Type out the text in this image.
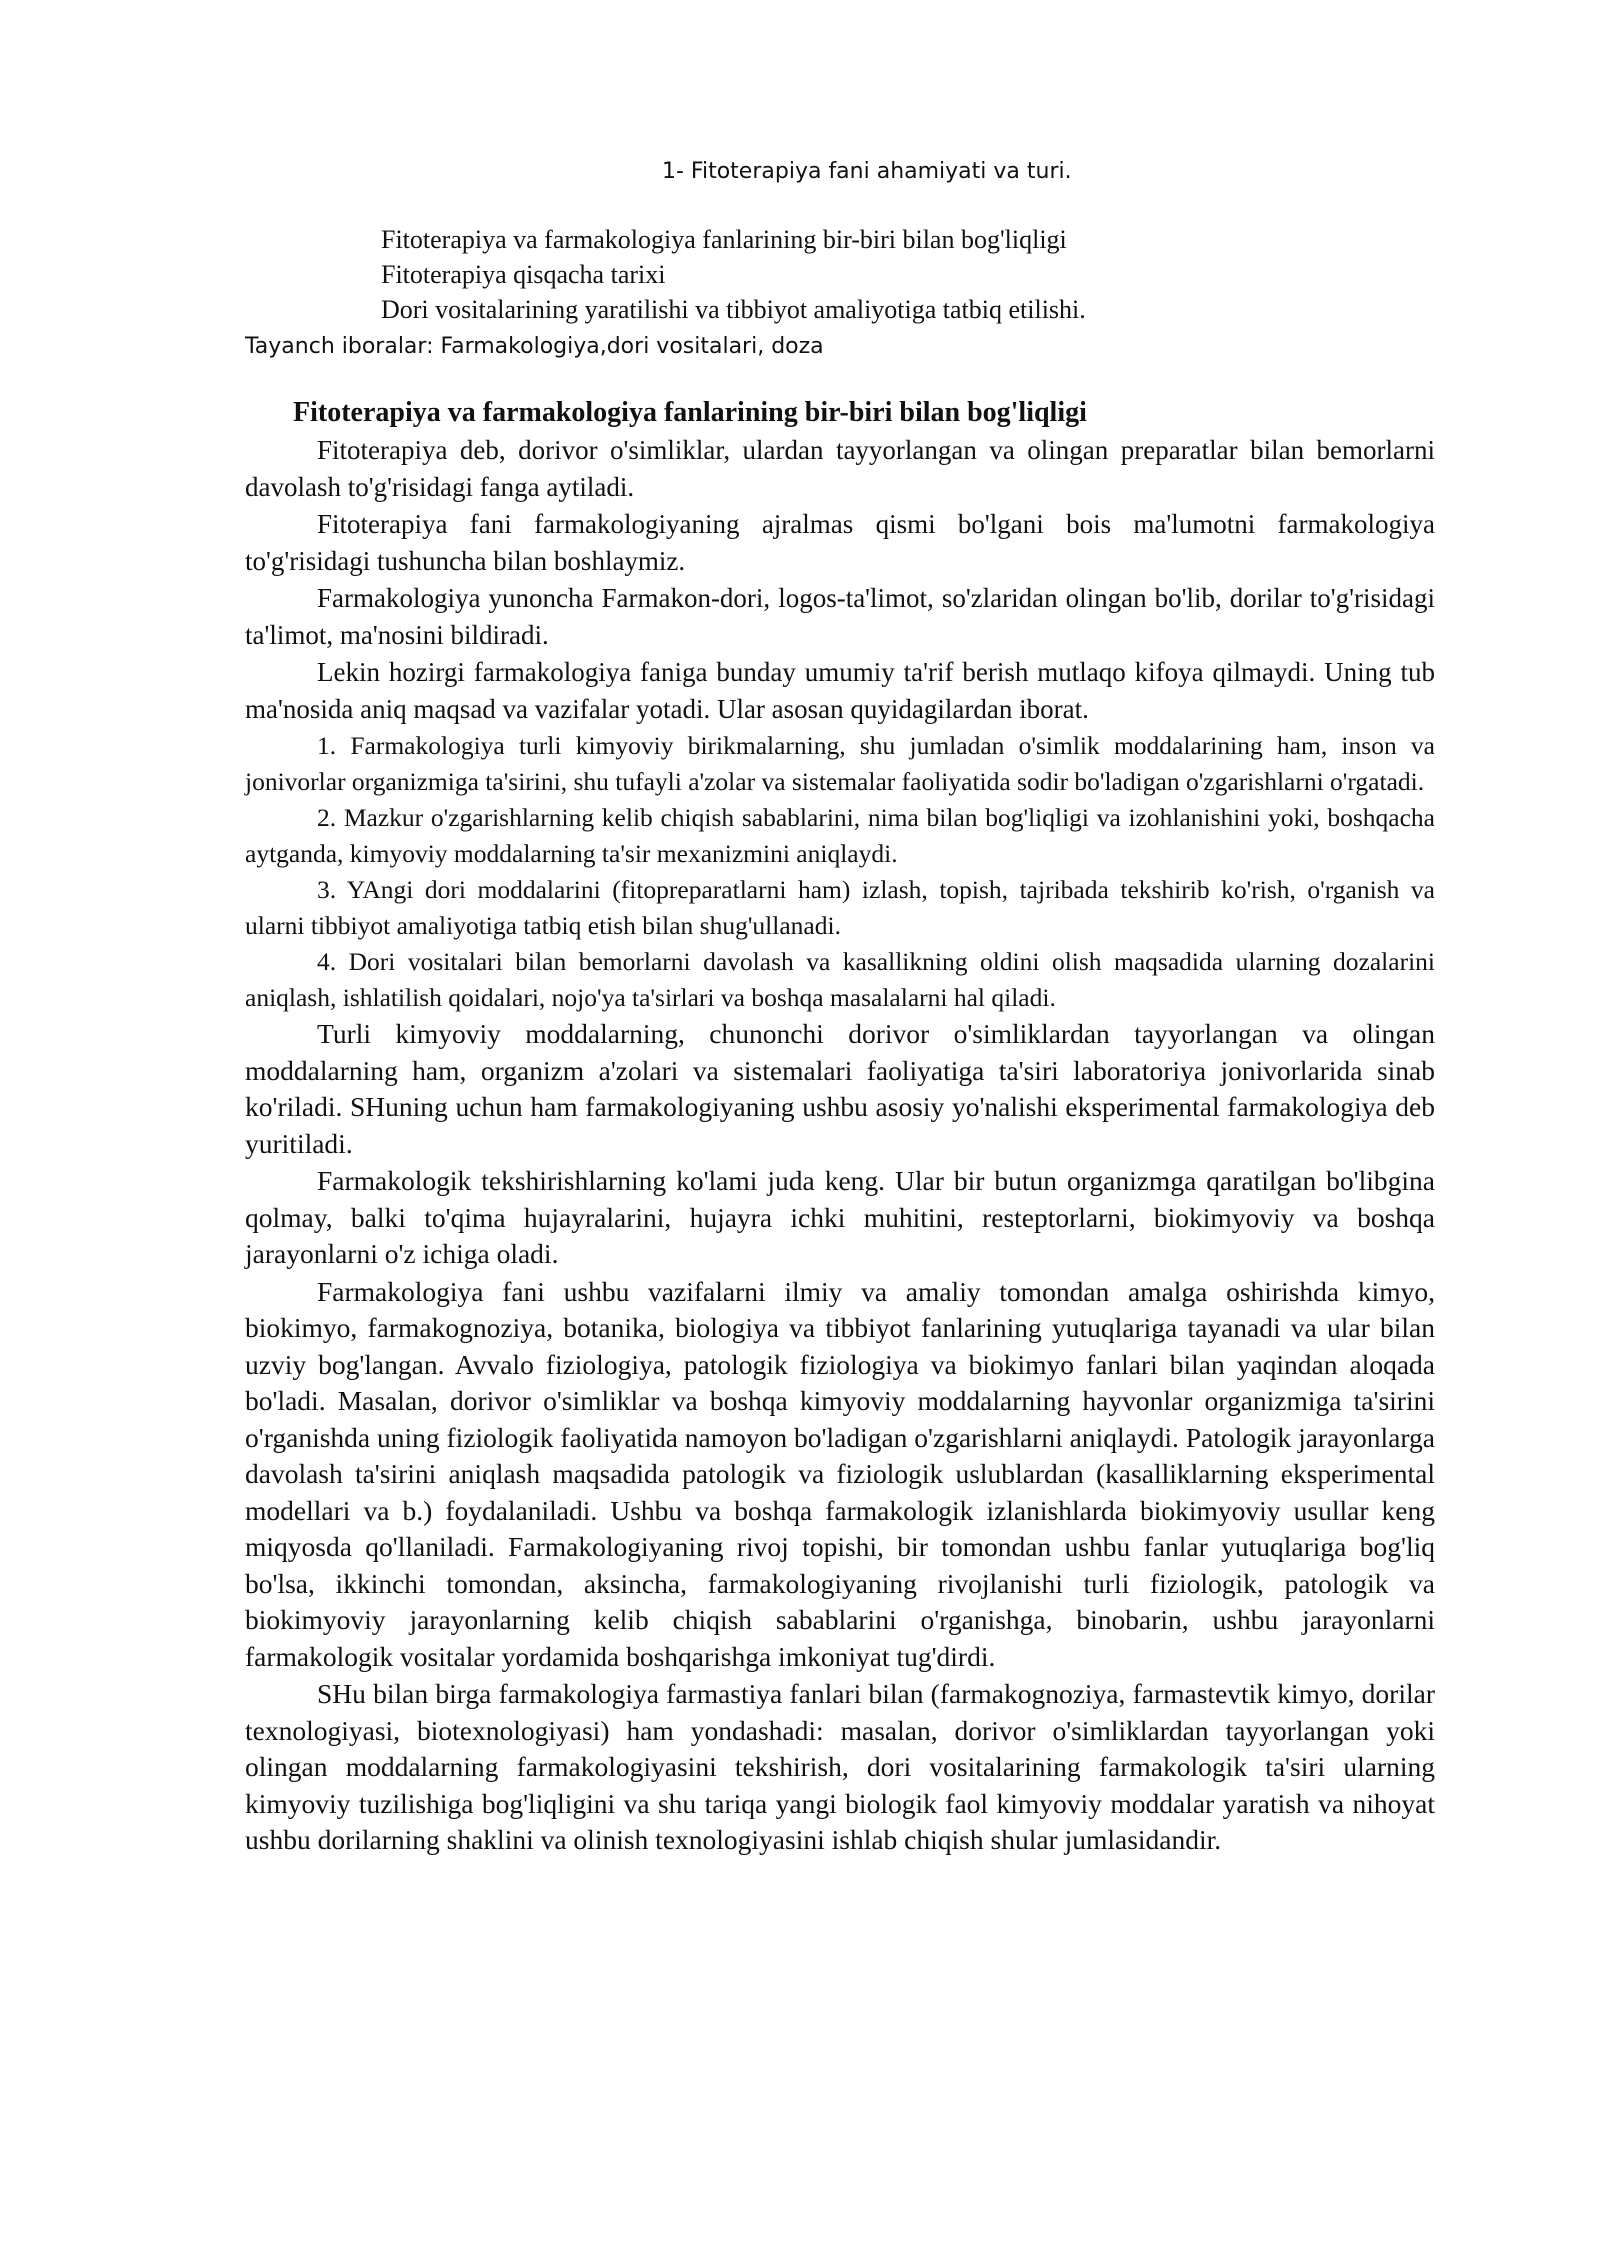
1- Fitoterapiya fani ahamiyati va turi.
Fitoterapiya va farmakologiya fanlarining bir-biri bilan bog'liqligi
Fitoterapiya qisqacha tarixi
Dori vositalarining yaratilishi va tibbiyot amaliyotiga tatbiq etilishi.
Tayanch iboralar: Farmakologiya,dori vositalari, doza
Fitoterapiya va farmakologiya fanlarining bir-biri bilan bog'liqligi

Fitoterapiya deb, dorivor o'simliklar, ulardan tayyorlangan va olingan preparatlar bilan bemorlarni davolash to'g'risidagi fanga aytiladi.

Fitoterapiya fani farmakologiyaning ajralmas qismi bo'lgani bois ma'lumotni farmakologiya to'g'risidagi tushuncha bilan boshlaymiz.

Farmakologiya yunoncha Farmakon-dori, logos-ta'limot, so'zlaridan olingan bo'lib, dorilar to'g'risidagi ta'limot, ma'nosini bildiradi.

Lekin hozirgi farmakologiya faniga bunday umumiy ta'rif berish mutlaqo kifoya qilmaydi. Uning tub ma'nosida aniq maqsad va vazifalar yotadi. Ular asosan quyidagilardan iborat.

1. Farmakologiya turli kimyoviy birikmalarning, shu jumladan o'simlik moddalarining ham, inson va jonivorlar organizmiga ta'sirini, shu tufayli a'zolar va sistemalar faoliyatida sodir bo'ladigan o'zgarishlarni o'rgatadi.

2. Mazkur o'zgarishlarning kelib chiqish sabablarini, nima bilan bog'liqligi va izohlanishini yoki, boshqacha aytganda, kimyoviy moddalarning ta'sir mexanizmini aniqlaydi.

3. YAngi dori moddalarini (fitopreparatlarni ham) izlash, topish, tajribada tekshirib ko'rish, o'rganish va ularni tibbiyot amaliyotiga tatbiq etish bilan shug'ullanadi.

4. Dori vositalari bilan bemorlarni davolash va kasallikning oldini olish maqsadida ularning dozalarini aniqlash, ishlatilish qoidalari, nojo'ya ta'sirlari va boshqa masalalarni hal qiladi.

Turli kimyoviy moddalarning, chunonchi dorivor o'simliklardan tayyorlangan va olingan moddalarning ham, organizm a'zolari va sistemalari faoliyatiga ta'siri laboratoriya jonivorlarida sinab ko'riladi. SHuning uchun ham farmakologiyaning ushbu asosiy yo'nalishi eksperimental farmakologiya deb yuritiladi.

Farmakologik tekshirishlarning ko'lami juda keng. Ular bir butun organizmga qaratilgan bo'libgina qolmay, balki to'qima hujayralarini, hujayra ichki muhitini, resteptorlarni, biokimyoviy va boshqa jarayonlarni o'z ichiga oladi.

Farmakologiya fani ushbu vazifalarni ilmiy va amaliy tomondan amalga oshirishda kimyo, biokimyo, farmakognoziya, botanika, biologiya va tibbiyot fanlarining yutuqlariga tayanadi va ular bilan uzviy bog'langan. Avvalo fiziologiya, patologik fiziologiya va biokimyo fanlari bilan yaqindan aloqada bo'ladi. Masalan, dorivor o'simliklar va boshqa kimyoviy moddalarning hayvonlar organizmiga ta'sirini o'rganishda uning fiziologik faoliyatida namoyon bo'ladigan o'zgarishlarni aniqlaydi. Patologik jarayonlarga davolash ta'sirini aniqlash maqsadida patologik va fiziologik uslublardan (kasalliklarning eksperimental modellari va b.) foydalaniladi. Ushbu va boshqa farmakologik izlanishlarda biokimyoviy usullar keng miqyosda qo'llaniladi. Farmakologiyaning rivoj topishi, bir tomondan ushbu fanlar yutuqlariga bog'liq bo'lsa, ikkinchi tomondan, aksincha, farmakologiyaning rivojlanishi turli fiziologik, patologik va biokimyoviy jarayonlarning kelib chiqish sabablarini o'rganishga, binobarin, ushbu jarayonlarni farmakologik vositalar yordamida boshqarishga imkoniyat tug'dirdi.

SHu bilan birga farmakologiya farmastiya fanlari bilan (farmakognoziya, farmastevtik kimyo, dorilar texnologiyasi, biotexnologiyasi) ham yondashadi: masalan, dorivor o'simliklardan tayyorlangan yoki olingan moddalarning farmakologiyasini tekshirish, dori vositalarining farmakologik ta'siri ularning kimyoviy tuzilishiga bog'liqligini va shu tariqa yangi biologik faol kimyoviy moddalar yaratish va nihoyat ushbu dorilarning shaklini va olinish texnologiyasini ishlab chiqish shular jumlasidandir.
